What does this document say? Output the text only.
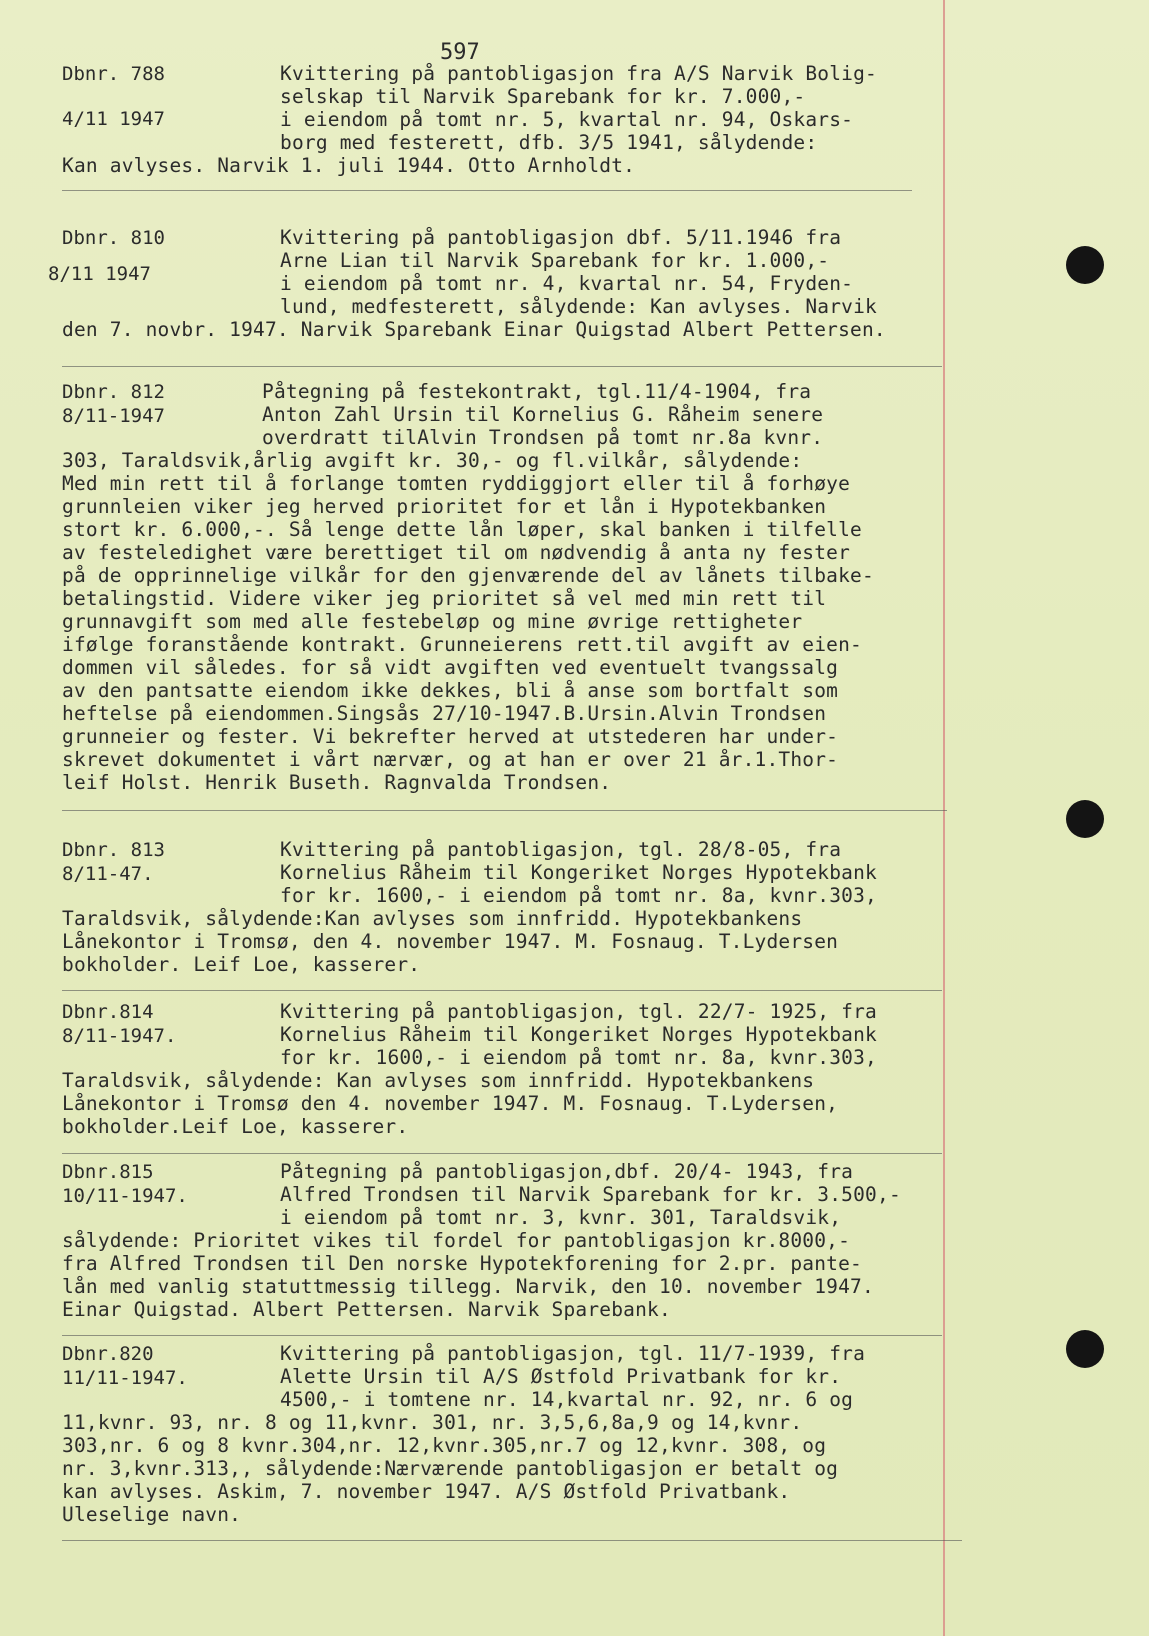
597
Dbnr. 788
4/11 1947
Kvittering på pantobligasjon fra A/S Narvik Bolig-
selskap til Narvik Sparebank for kr. 7.000,-
i eiendom på tomt nr. 5, kvartal nr. 94, Oskars-
borg med festerett, dfb. 3/5 1941, sålydende:
Kan avlyses. Narvik 1. juli 1944. Otto Arnholdt.
Dbnr. 810
8/11 1947
Kvittering på pantobligasjon dbf. 5/11.1946 fra
Arne Lian til Narvik Sparebank for kr. 1.000,-
i eiendom på tomt nr. 4, kvartal nr. 54, Fryden-
lund, medfesterett, sålydende: Kan avlyses. Narvik
den 7. novbr. 1947. Narvik Sparebank Einar Quigstad Albert Pettersen.
Dbnr. 812
8/11-1947
Påtegning på festekontrakt, tgl.11/4-1904, fra
Anton Zahl Ursin til Kornelius G. Råheim senere
overdratt tilAlvin Trondsen på tomt nr.8a kvnr.
303, Taraldsvik,årlig avgift kr. 30,- og fl.vilkår, sålydende:
Med min rett til å forlange tomten ryddiggjort eller til å forhøye
grunnleien viker jeg herved prioritet for et lån i Hypotekbanken
stort kr. 6.000,-. Så lenge dette lån løper, skal banken i tilfelle
av festeledighet være berettiget til om nødvendig å anta ny fester
på de opprinnelige vilkår for den gjenværende del av lånets tilbake-
betalingstid. Videre viker jeg prioritet så vel med min rett til
grunnavgift som med alle festebeløp og mine øvrige rettigheter
ifølge foranstående kontrakt. Grunneierens rett.til avgift av eien-
dommen vil således. for så vidt avgiften ved eventuelt tvangssalg
av den pantsatte eiendom ikke dekkes, bli å anse som bortfalt som
heftelse på eiendommen.Singsås 27/10-1947.B.Ursin.Alvin Trondsen
grunneier og fester. Vi bekrefter herved at utstederen har under-
skrevet dokumentet i vårt nærvær, og at han er over 21 år.1.Thor-
leif Holst. Henrik Buseth. Ragnvalda Trondsen.
Dbnr. 813
8/11-47.
Kvittering på pantobligasjon, tgl. 28/8-05, fra
Kornelius Råheim til Kongeriket Norges Hypotekbank
for kr. 1600,- i eiendom på tomt nr. 8a, kvnr.303,
Taraldsvik, sålydende:Kan avlyses som innfridd. Hypotekbankens
Lånekontor i Tromsø, den 4. november 1947. M. Fosnaug. T.Lydersen
bokholder. Leif Loe, kasserer.
Dbnr.814
8/11-1947.
Kvittering på pantobligasjon, tgl. 22/7- 1925, fra
Kornelius Råheim til Kongeriket Norges Hypotekbank
for kr. 1600,- i eiendom på tomt nr. 8a, kvnr.303,
Taraldsvik, sålydende: Kan avlyses som innfridd. Hypotekbankens
Lånekontor i Tromsø den 4. november 1947. M. Fosnaug. T.Lydersen,
bokholder.Leif Loe, kasserer.
Dbnr.815
10/11-1947.
Påtegning på pantobligasjon,dbf. 20/4- 1943, fra
Alfred Trondsen til Narvik Sparebank for kr. 3.500,-
i eiendom på tomt nr. 3, kvnr. 301, Taraldsvik,
sålydende: Prioritet vikes til fordel for pantobligasjon kr.8000,-
fra Alfred Trondsen til Den norske Hypotekforening for 2.pr. pante-
lån med vanlig statuttmessig tillegg. Narvik, den 10. november 1947.
Einar Quigstad. Albert Pettersen. Narvik Sparebank.
Dbnr.820
11/11-1947.
Kvittering på pantobligasjon, tgl. 11/7-1939, fra
Alette Ursin til A/S Østfold Privatbank for kr.
4500,- i tomtene nr. 14,kvartal nr. 92, nr. 6 og
11,kvnr. 93, nr. 8 og 11,kvnr. 301, nr. 3,5,6,8a,9 og 14,kvnr.
303,nr. 6 og 8 kvnr.304,nr. 12,kvnr.305,nr.7 og 12,kvnr. 308, og
nr. 3,kvnr.313,, sålydende:Nærværende pantobligasjon er betalt og
kan avlyses. Askim, 7. november 1947. A/S Østfold Privatbank.
Uleselige navn.
